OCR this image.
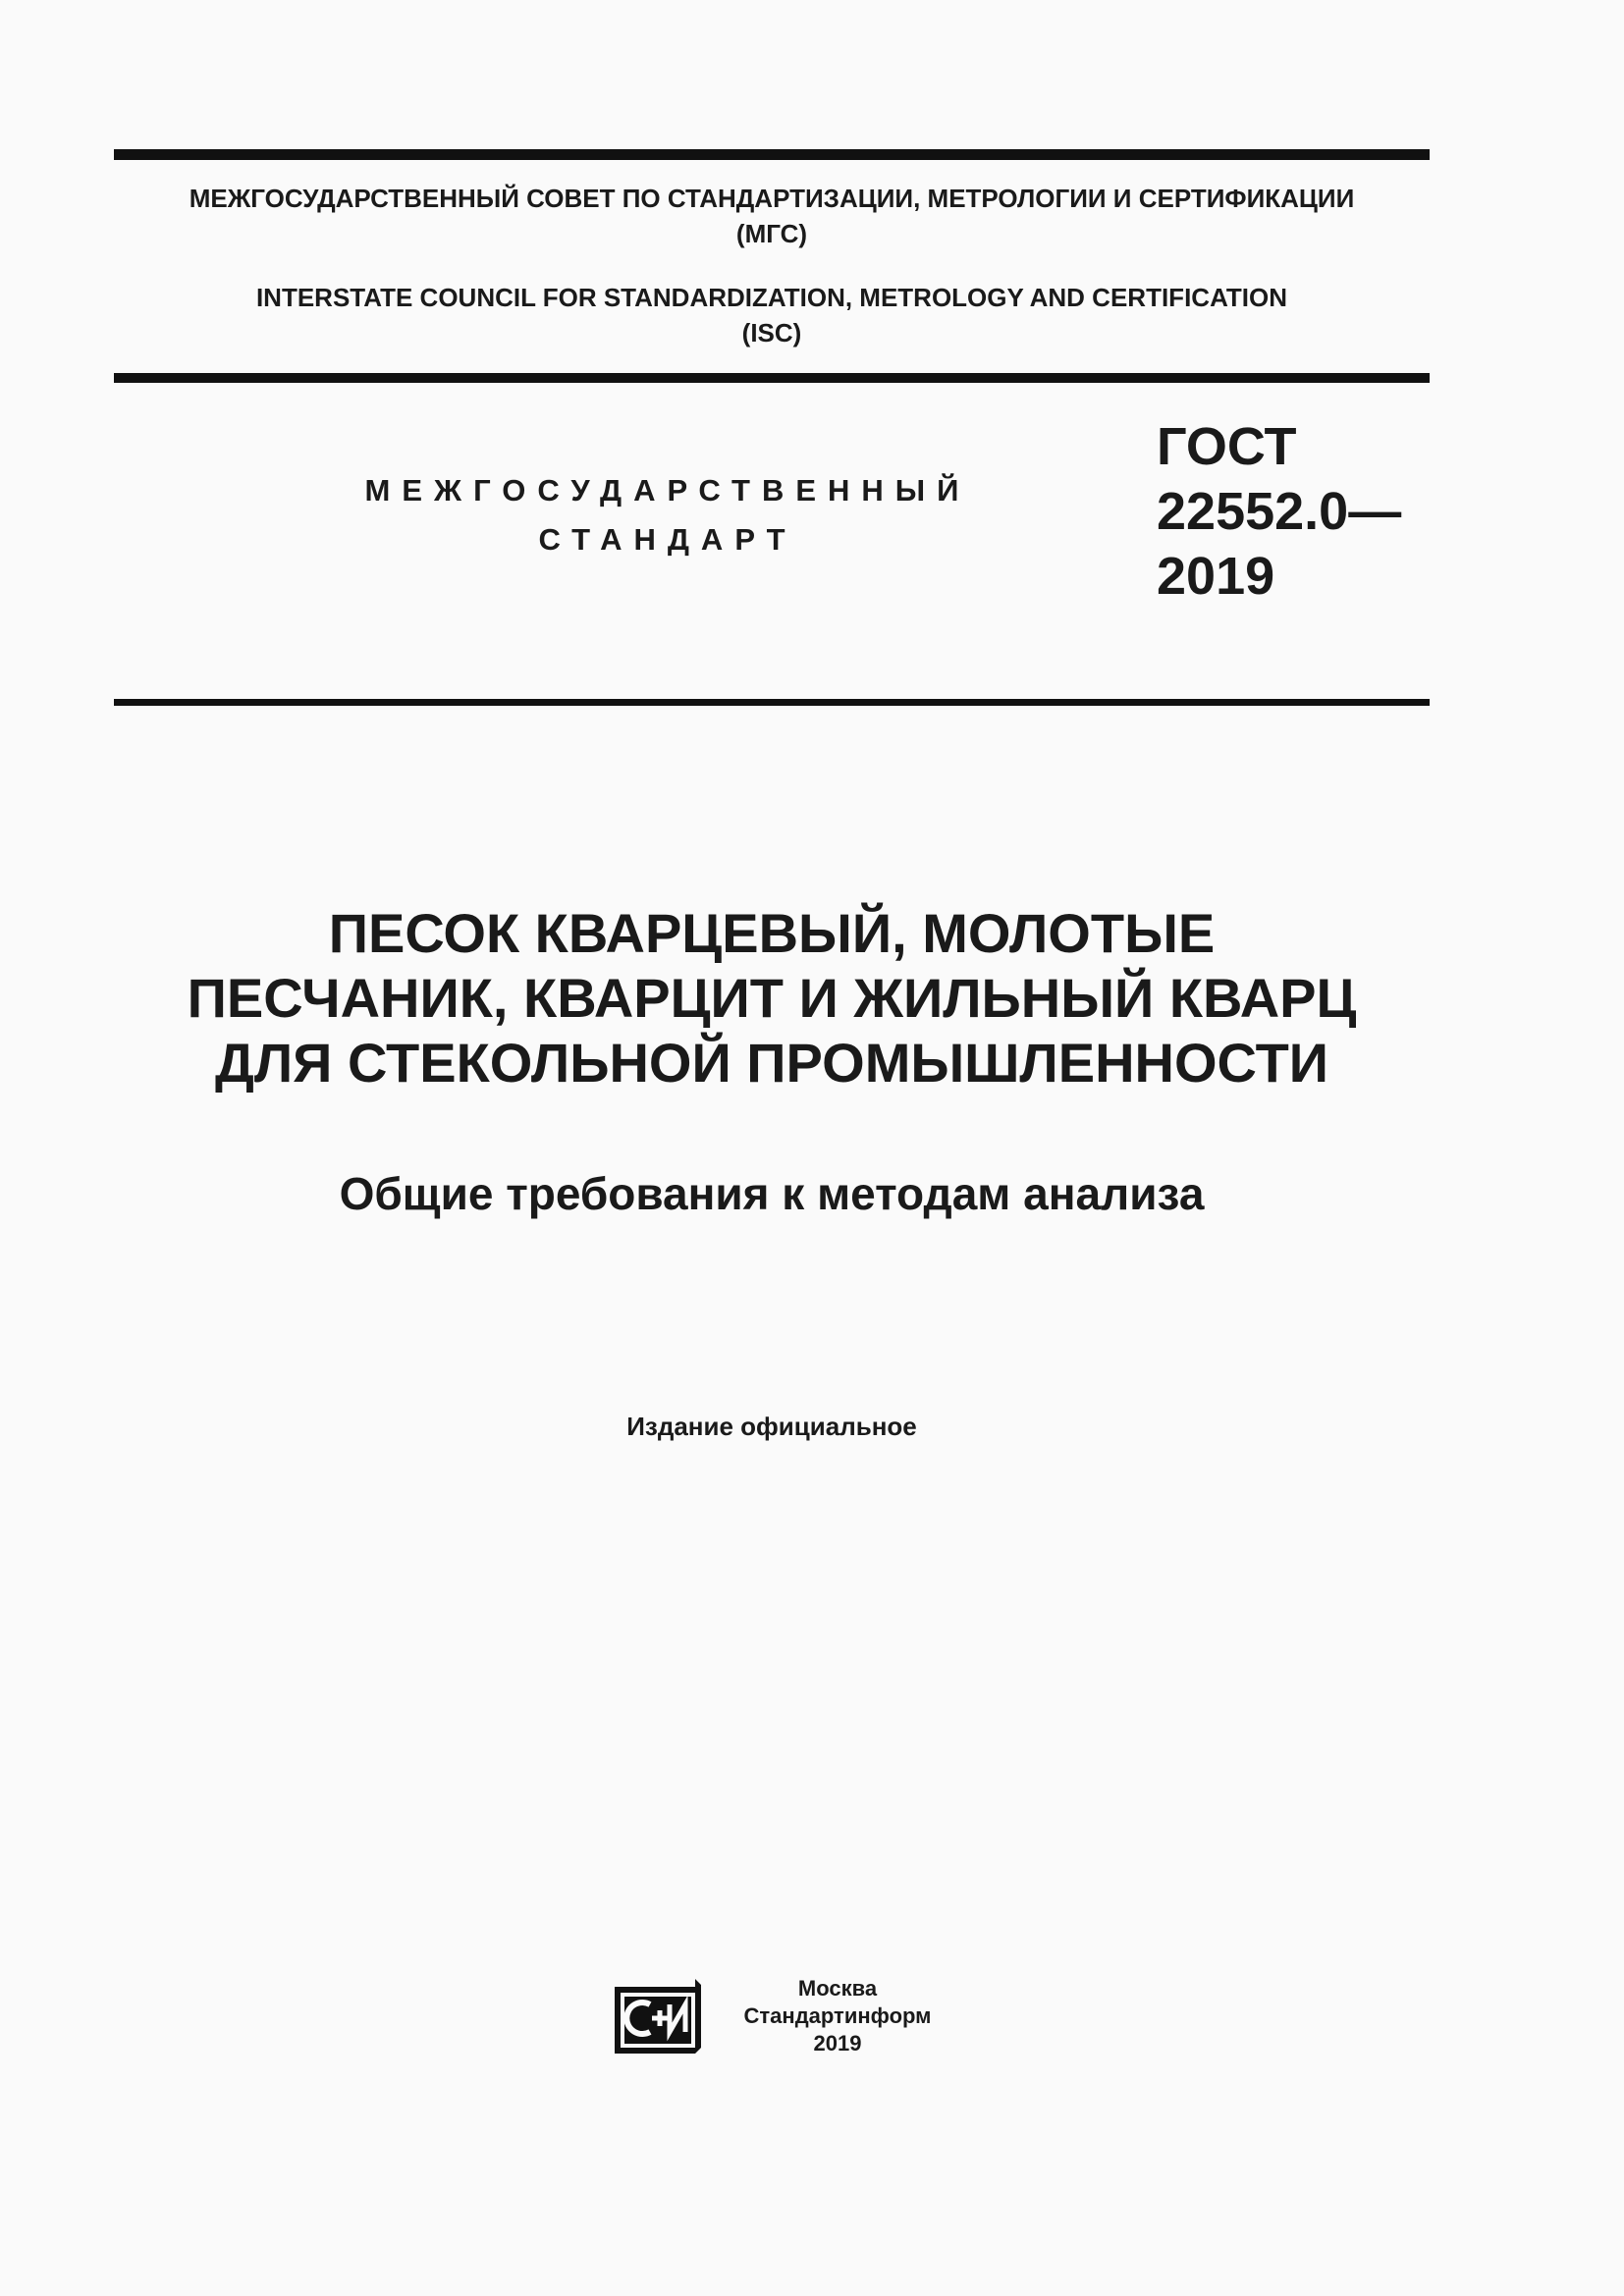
МЕЖГОСУДАРСТВЕННЫЙ СОВЕТ ПО СТАНДАРТИЗАЦИИ, МЕТРОЛОГИИ И СЕРТИФИКАЦИИ
(МГС)
INTERSTATE COUNCIL FOR STANDARDIZATION, METROLOGY AND CERTIFICATION
(ISC)
МЕЖГОСУДАРСТВЕННЫЙ
СТАНДАРТ
ГОСТ
22552.0—
2019
ПЕСОК КВАРЦЕВЫЙ, МОЛОТЫЕ
ПЕСЧАНИК, КВАРЦИТ И ЖИЛЬНЫЙ КВАРЦ
ДЛЯ СТЕКОЛЬНОЙ ПРОМЫШЛЕННОСТИ
Общие требования к методам анализа
Издание официальное
Москва
Стандартинформ
2019
